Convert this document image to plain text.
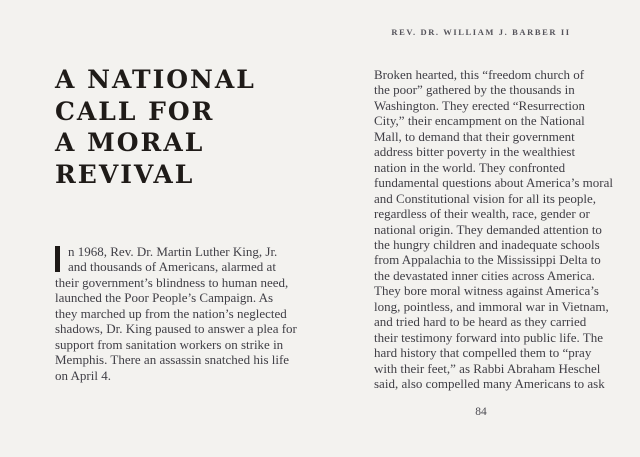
REV. DR. WILLIAM J. BARBER II
A NATIONAL
CALL FOR
A MORAL
REVIVAL
n 1968, Rev. Dr. Martin Luther King, Jr.
and thousands of Americans, alarmed at
their government’s blindness to human need,
launched the Poor People’s Campaign. As
they marched up from the nation’s neglected
shadows, Dr. King paused to answer a plea for
support from sanitation workers on strike in
Memphis. There an assassin snatched his life
on April 4.
Broken hearted, this “freedom church of
the poor” gathered by the thousands in
Washington. They erected “Resurrection
City,” their encampment on the National
Mall, to demand that their government
address bitter poverty in the wealthiest
nation in the world. They confronted
fundamental questions about America’s moral
and Constitutional vision for all its people,
regardless of their wealth, race, gender or
national origin. They demanded attention to
the hungry children and inadequate schools
from Appalachia to the Mississippi Delta to
the devastated inner cities across America.
They bore moral witness against America’s
long, pointless, and immoral war in Vietnam,
and tried hard to be heard as they carried
their testimony forward into public life. The
hard history that compelled them to “pray
with their feet,” as Rabbi Abraham Heschel
said, also compelled many Americans to ask
84
